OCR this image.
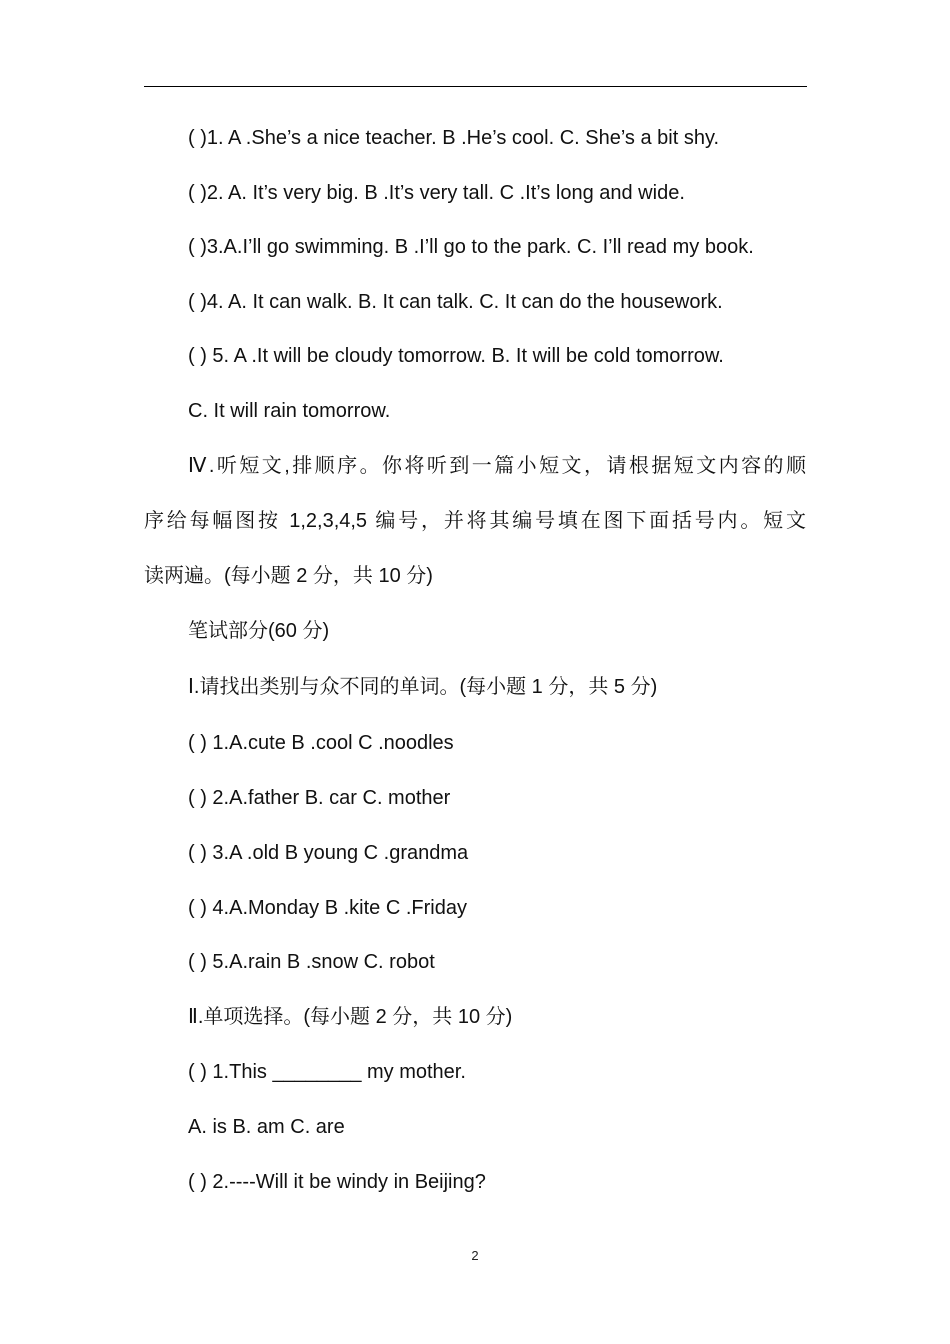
( )1. A .She’s a nice teacher. B .He’s cool. C. She’s a bit shy.
( )2. A. It’s very big. B .It’s very tall. C .It’s long and wide.
( )3.A.I’ll go swimming. B .I’ll go to the park. C. I’ll read my book.
( )4. A. It can walk. B. It can talk. C. It can do the housework.
( ) 5. A .It will be cloudy tomorrow. B. It will be cold tomorrow.
C. It will rain tomorrow.
Ⅳ.听短文,排顺序。你将听到一篇小短文，请根据短文内容的顺
序给每幅图按 1,2,3,4,5 编号，并将其编号填在图下面括号内。短文
读两遍。(每小题 2 分，共 10 分)
笔试部分(60 分)
Ⅰ.请找出类别与众不同的单词。(每小题 1 分，共 5 分)
( ) 1.A.cute B .cool C .noodles
( ) 2.A.father B. car C. mother
( ) 3.A .old B young C .grandma
( ) 4.A.Monday B .kite C .Friday
( ) 5.A.rain B .snow C. robot
Ⅱ.单项选择。(每小题 2 分，共 10 分)
( ) 1.This ________ my mother.
A. is B. am C. are
( ) 2.----Will it be windy in Beijing?
2
